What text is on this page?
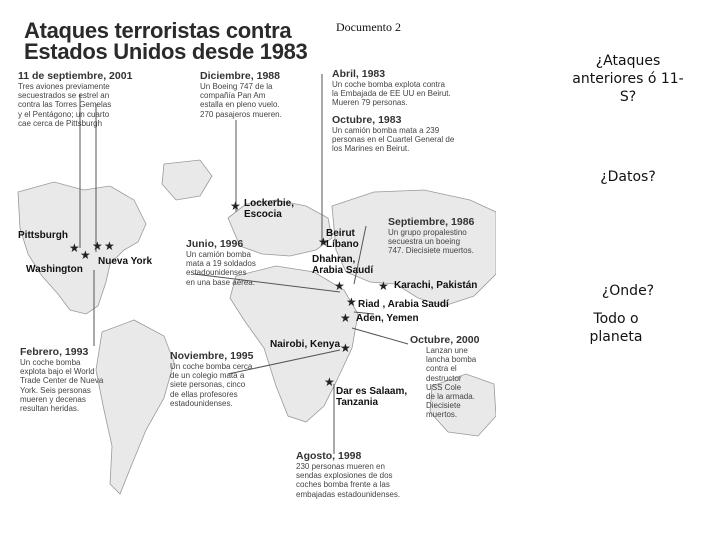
★ ★
★ ★
★
★
★	★
★
★
★
★
Ataques terroristas contra
Estados Unidos desde 1983
11 de septiembre, 2001
Tres aviones previamente
secuestrados se estrel an
contra las Torres Gemelas
y el Pentágono; un cuarto
cae cerca de Pittsburgh
Diciembre, 1988
Un Boeing 747 de la
compañía Pan Am
estalla en pleno vuelo.
270 pasajeros mueren.
Abril, 1983
Un coche bomba explota contra
la Embajada de EE UU en Beirut.
Mueren 79 personas.
Octubre, 1983
Un camión bomba mata a 239
personas en el Cuartel General de
los Marines en Beirut.
Septiembre, 1986
Un grupo propalestino
secuestra un boeing
747. Diecisiete muertos.
Junio, 1996
Un camión bomba
mata a 19 soldados
estadounidenses
en una base aérea.
Pittsburgh
Washington
Nueva York
Lockerbie, Escocia
Beirut Líbano
Dhahran, Arabia Saudí
Karachi, Pakistán
Riad , Arabia Saudí
Aden, Yemen
Nairobi, Kenya
Dar es Salaam, Tanzania
Febrero, 1993
Un coche bomba
explota bajo el World
Trade Center de Nueva
York. Seis personas
mueren y decenas
resultan heridas.
Noviembre, 1995
Un coche bomba cerca
de un colegio mata a
siete personas, cinco
de ellas profesores
estadounidenses.
Octubre, 2000
Lanzan une
lancha bomba
contra el
destructor
USS Cole
de la armada.
Diecisiete
muertos.
Agosto, 1998
230 personas mueren en
sendas explosiones de dos
coches bomba frente a las
embajadas estadounidenses.
Documento 2
¿Ataques anteriores ó 11-S?
¿Datos?
¿Onde?
Todo o planeta
